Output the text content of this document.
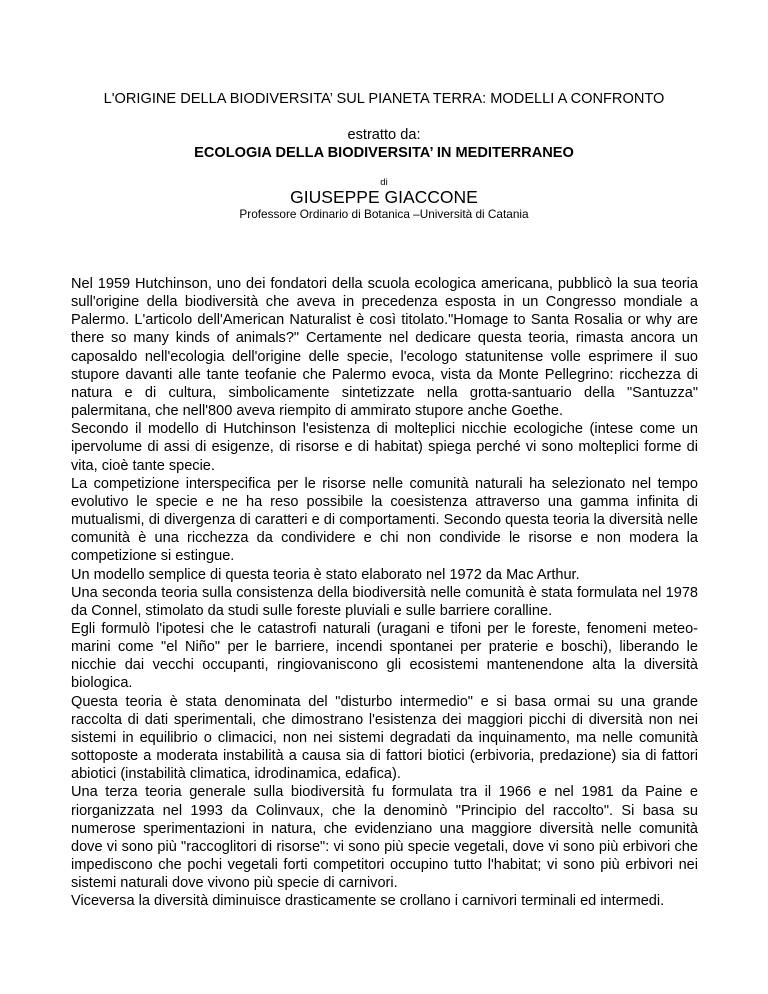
L'ORIGINE DELLA BIODIVERSITA’ SUL PIANETA TERRA: MODELLI A CONFRONTO
estratto da:
ECOLOGIA DELLA BIODIVERSITA’ IN MEDITERRANEO
di
GIUSEPPE GIACCONE
Professore Ordinario di Botanica –Università di Catania

Nel 1959 Hutchinson, uno dei fondatori della scuola ecologica americana, pubblicò la sua teoria sull'origine della biodiversità che aveva in precedenza esposta in un Congresso mondiale a Palermo. L'articolo dell'American Naturalist è così titolato."Homage to Santa Rosalia or why are there so many kinds of animals?" Certamente nel dedicare questa teoria, rimasta ancora un caposaldo nell'ecologia dell'origine delle specie, l'ecologo statunitense volle esprimere il suo stupore davanti alle tante teofanie che Palermo evoca, vista da Monte Pellegrino: ricchezza di natura e di cultura, simbolicamente sintetizzate nella grotta-santuario della "Santuzza" palermitana, che nell'800 aveva riempito di ammirato stupore anche Goethe.

Secondo il modello di Hutchinson l'esistenza di molteplici nicchie ecologiche (intese come un ipervolume di assi di esigenze, di risorse e di habitat) spiega perché vi sono molteplici forme di vita, cioè tante specie.

La competizione interspecifica per le risorse nelle comunità naturali ha selezionato nel tempo evolutivo le specie e ne ha reso possibile la coesistenza attraverso una gamma infinita di mutualismi, di divergenza di caratteri e di comportamenti. Secondo questa teoria la diversità nelle comunità è una ricchezza da condividere e chi non condivide le risorse e non modera la competizione si estingue.

Un modello semplice di questa teoria è stato elaborato nel 1972 da Mac Arthur.

Una seconda teoria sulla consistenza della biodiversità nelle comunità è stata formulata nel 1978 da Connel, stimolato da studi sulle foreste pluviali e sulle barriere coralline.

Egli formulò l'ipotesi che le catastrofi naturali (uragani e tifoni per le foreste, fenomeni meteo-marini come "el Niño" per le barriere, incendi spontanei per praterie e boschi), liberando le nicchie dai vecchi occupanti, ringiovaniscono gli ecosistemi mantenendone alta la diversità biologica.

Questa teoria è stata denominata del "disturbo intermedio" e si basa ormai su una grande raccolta di dati sperimentali, che dimostrano l'esistenza dei maggiori picchi di diversità non nei sistemi in equilibrio o climacici, non nei sistemi degradati da inquinamento, ma nelle comunità sottoposte a moderata instabilità a causa sia di fattori biotici (erbivoria, predazione) sia di fattori abiotici (instabilità climatica, idrodinamica, edafica).

Una terza teoria generale sulla biodiversità fu formulata tra il 1966 e nel 1981 da Paine e riorganizzata nel 1993 da Colinvaux, che la denominò "Principio del raccolto". Si basa su numerose sperimentazioni in natura, che evidenziano una maggiore diversità nelle comunità dove vi sono più "raccoglitori di risorse": vi sono più specie vegetali, dove vi sono più erbivori che impediscono che pochi vegetali forti competitori occupino tutto l'habitat; vi sono più erbivori nei sistemi naturali dove vivono più specie di carnivori.

Viceversa la diversità diminuisce drasticamente se crollano i carnivori terminali ed intermedi.
